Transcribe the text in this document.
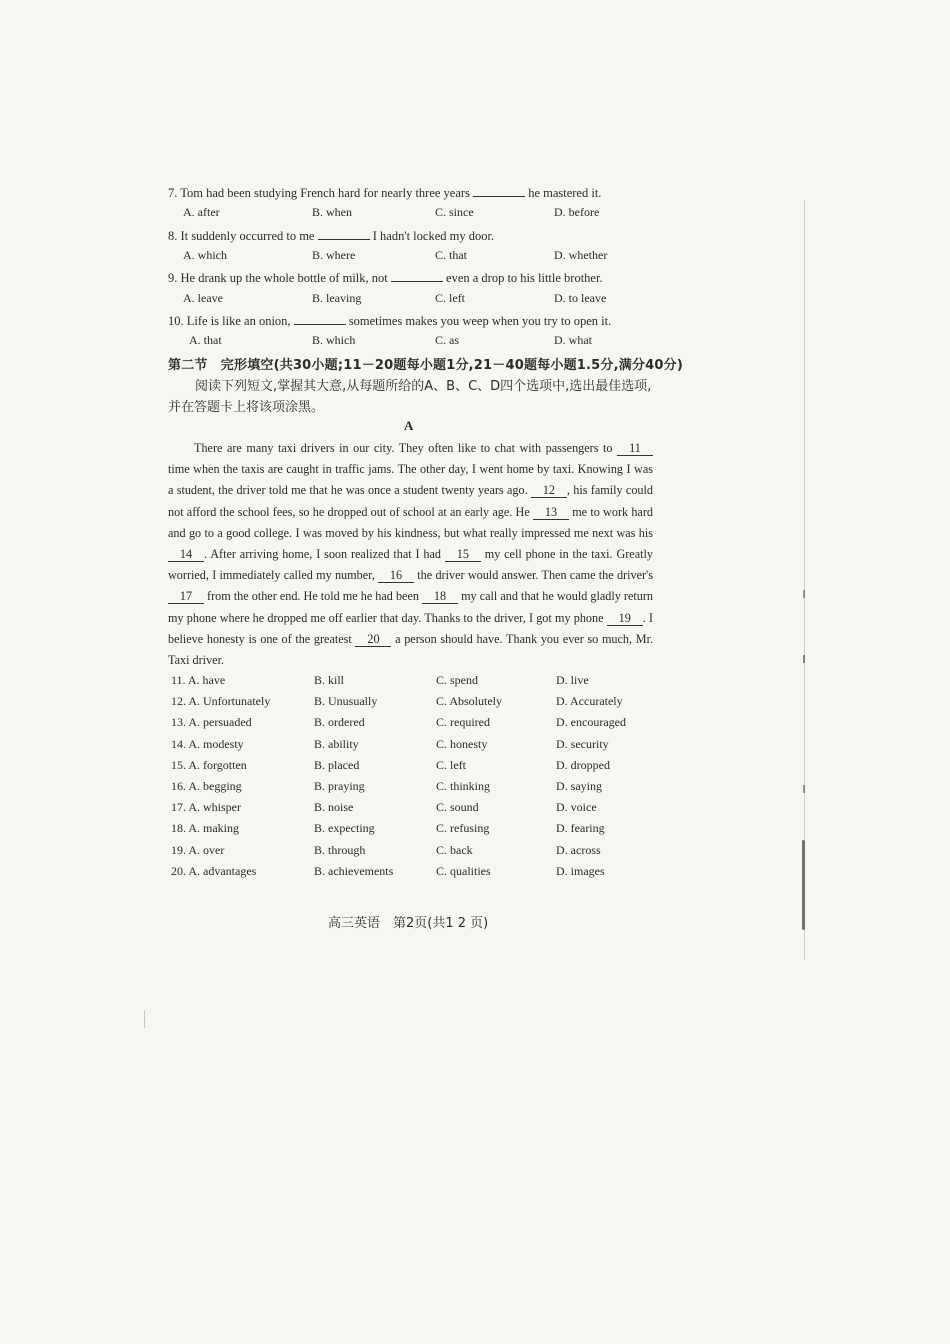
7. Tom had been studying French hard for nearly three years	he mastered it.
A. after	B. when	C. since	D. before
8. It suddenly occurred to me	I hadn't locked my door.
A. which	B. where	C. that	D. whether
9. He drank up the whole bottle of milk, not	even a drop to his little brother.
A. leave	B. leaving	C. left	D. to leave
10. Life is like an onion,	sometimes makes you weep when you try to open it.
A. that	B. which	C. as	D. what
第二节　完形填空(共30小题;11－20题每小题1分,21－40题每小题1.5分,满分40分)
阅读下列短文,掌握其大意,从每题所给的A、B、C、D四个选项中,选出最佳选项,并在答题卡上将该项涂黑。
A
There are many taxi drivers in our city. They often like to chat with passengers to 11 time when the taxis are caught in traffic jams. The other day, I went home by taxi. Knowing I was a student, the driver told me that he was once a student twenty years ago. 12 , his family could not afford the school fees, so he dropped out of school at an early age. He 13 me to work hard and go to a good college. I was moved by his kindness, but what really impressed me next was his 14 . After arriving home, I soon realized that I had 15 my cell phone in the taxi. Greatly worried, I immediately called my number, 16 the driver would answer. Then came the driver's 17 from the other end. He told me he had been 18 my call and that he would gladly return my phone where he dropped me off earlier that day. Thanks to the driver, I got my phone 19 . I believe honesty is one of the greatest 20 a person should have. Thank you ever so much, Mr. Taxi driver.
11. A. have	B. kill	C. spend	D. live
12. A. Unfortunately	B. Unusually	C. Absolutely	D. Accurately
13. A. persuaded	B. ordered	C. required	D. encouraged
14. A. modesty	B. ability	C. honesty	D. security
15. A. forgotten	B. placed	C. left	D. dropped
16. A. begging	B. praying	C. thinking	D. saying
17. A. whisper	B. noise	C. sound	D. voice
18. A. making	B. expecting	C. refusing	D. fearing
19. A. over	B. through	C. back	D. across
20. A. advantages	B. achievements	C. qualities	D. images
高三英语　第2页(共1 2 页)
